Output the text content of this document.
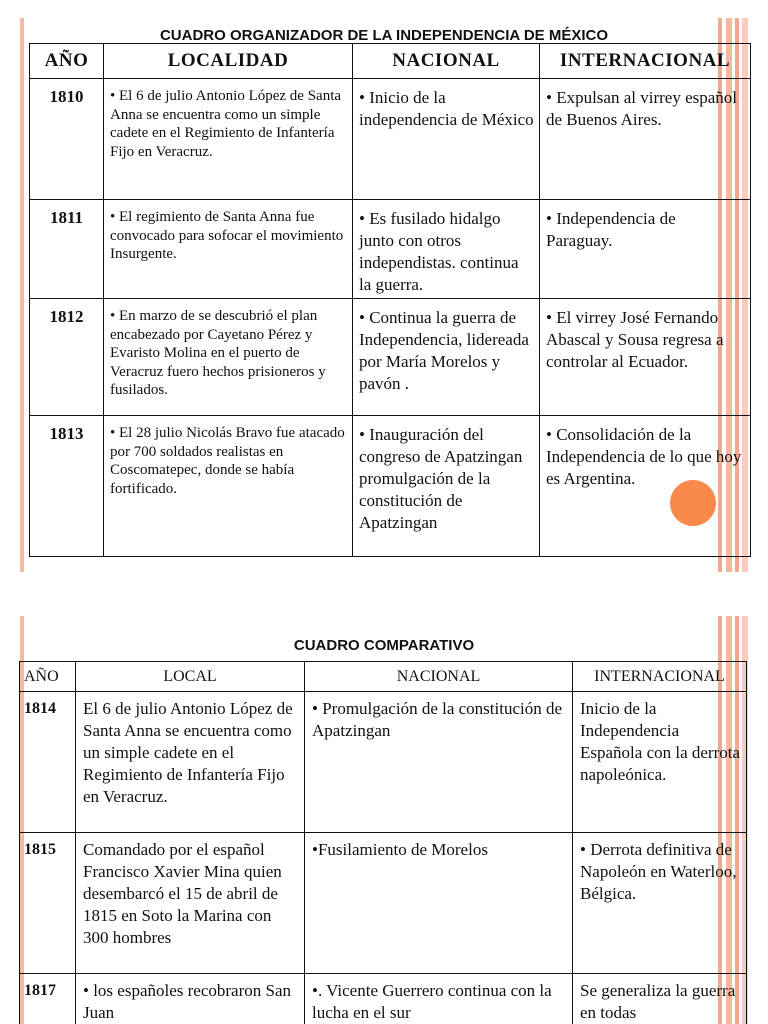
CUADRO ORGANIZADOR DE LA INDEPENDENCIA DE MÉXICO
AÑO	LOCALIDAD	NACIONAL	INTERNACIONAL
1810	• El 6 de julio Antonio López de Santa Anna se encuentra como un simple cadete en el Regimiento de Infantería Fijo en Veracruz.	• Inicio de la independencia de México	• Expulsan al virrey español de Buenos Aires.
1811	• El regimiento de Santa Anna fue convocado para sofocar el movimiento Insurgente.	• Es fusilado hidalgo junto con otros independistas. continua la guerra.	• Independencia de Paraguay.
1812	• En marzo de se descubrió el plan encabezado por Cayetano Pérez y Evaristo Molina en el puerto de Veracruz fuero hechos prisioneros y fusilados.	• Continua la guerra de Independencia, lidereada por María Morelos y pavón .	• El virrey José Fernando Abascal y Sousa regresa a controlar al Ecuador.
1813	• El 28 julio Nicolás Bravo fue atacado por 700 soldados realistas en Coscomatepec, donde se había fortificado.	• Inauguración del congreso de Apatzingan promulgación de la constitución de Apatzingan	• Consolidación de la Independencia de lo que hoy es Argentina.
CUADRO COMPARATIVO
AÑO	LOCAL	NACIONAL	INTERNACIONAL
1814	El 6 de julio Antonio López de Santa Anna se encuentra como un simple cadete en el Regimiento de Infantería Fijo en Veracruz.	• Promulgación de la constitución de Apatzingan	Inicio de la Independencia Española con la derrota napoleónica.
1815	Comandado por el español Francisco Xavier Mina quien desembarcó el 15 de abril de 1815 en Soto la Marina con 300 hombres	•Fusilamiento de Morelos	• Derrota definitiva de Napoleón en Waterloo, Bélgica.
1817	• los españoles recobraron San Juan	•. Vicente Guerrero continua con la lucha en el sur	Se generaliza la guerra en todas
